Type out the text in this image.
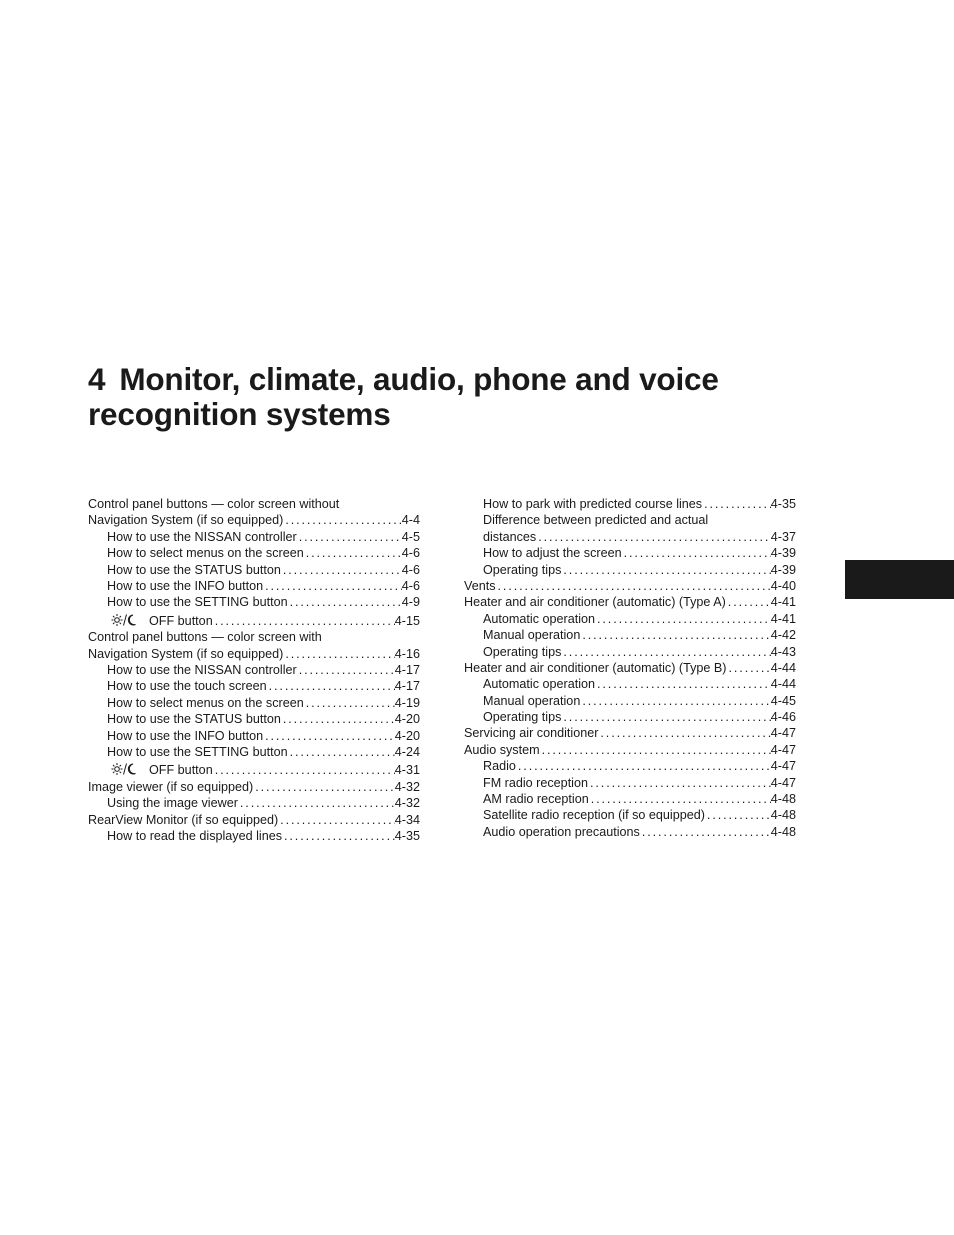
4 Monitor, climate, audio, phone and voice
recognition systems
Control panel buttons — color screen without
Navigation System (if so equipped) . . .	4-4
How to use the NISSAN controller . . .	4-5
How to select menus on the screen . . .	4-6
How to use the STATUS button . . .	4-6
How to use the INFO button . . .	4-6
How to use the SETTING button . . .	4-9
OFF button . . .	4-15
Control panel buttons — color screen with
Navigation System (if so equipped) . . .	4-16
How to use the NISSAN controller . . .	4-17
How to use the touch screen . . .	4-17
How to select menus on the screen . . .	4-19
How to use the STATUS button . . .	4-20
How to use the INFO button . . .	4-20
How to use the SETTING button . . .	4-24
OFF button . . .	4-31
Image viewer (if so equipped) . . .	4-32
Using the image viewer . . .	4-32
RearView Monitor (if so equipped) . . .	4-34
How to read the displayed lines . . .	4-35
How to park with predicted course lines . . .	4-35
Difference between predicted and actual
distances . . .	4-37
How to adjust the screen . . .	4-39
Operating tips . . .	4-39
Vents . . .	4-40
Heater and air conditioner (automatic) (Type A) . . .	4-41
Automatic operation . . .	4-41
Manual operation . . .	4-42
Operating tips . . .	4-43
Heater and air conditioner (automatic) (Type B) . . .	4-44
Automatic operation . . .	4-44
Manual operation . . .	4-45
Operating tips . . .	4-46
Servicing air conditioner . . .	4-47
Audio system . . .	4-47
Radio . . .	4-47
FM radio reception . . .	4-47
AM radio reception . . .	4-48
Satellite radio reception (if so equipped) . . .	4-48
Audio operation precautions . . .	4-48
